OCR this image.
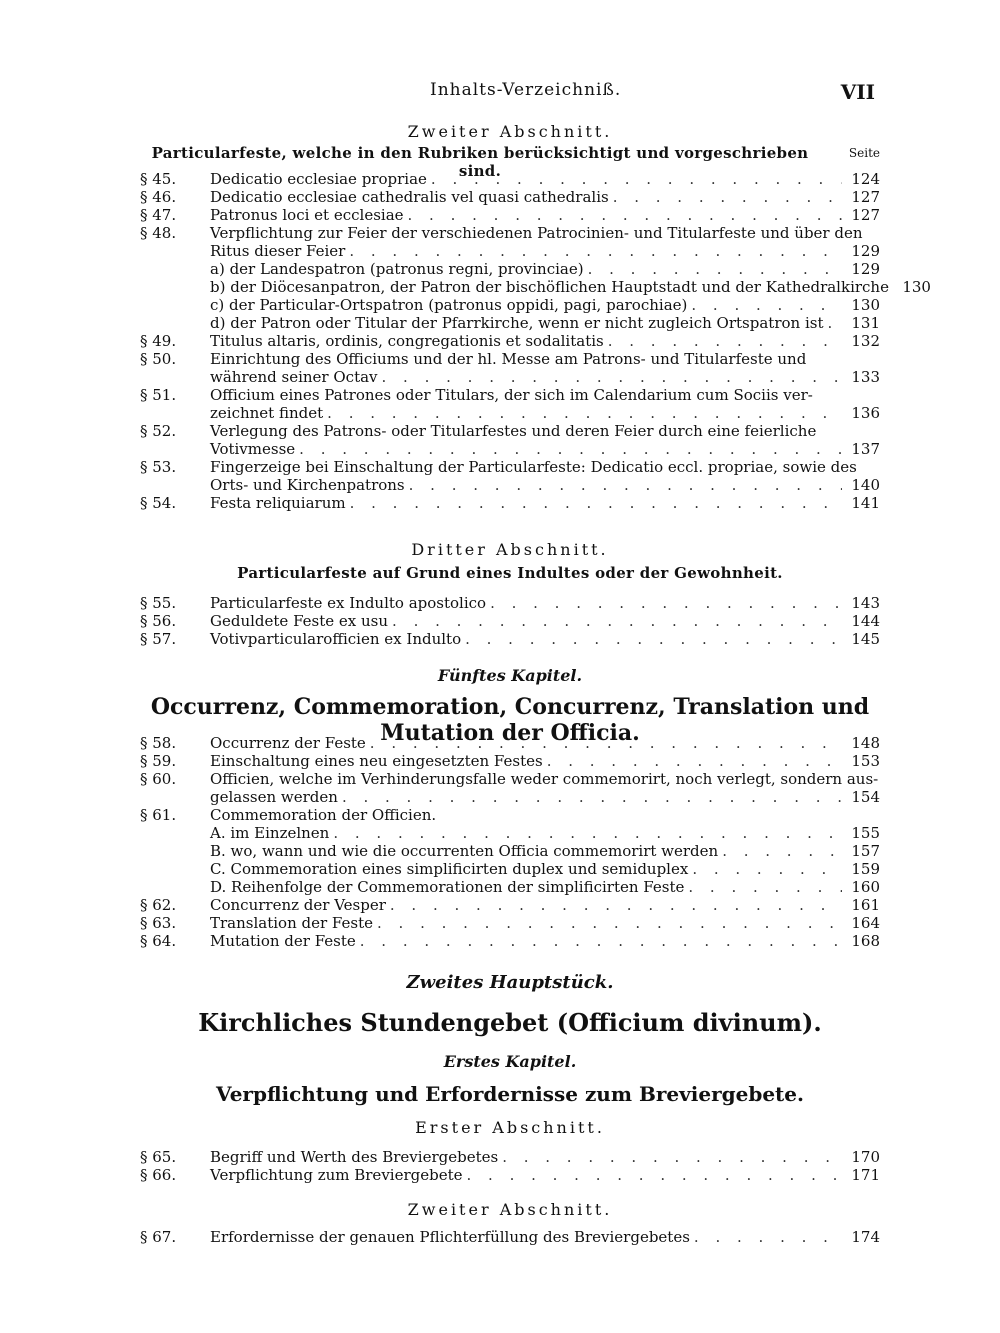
Inhalts-Verzeichniß.	VII
Zweiter Abschnitt.
Particularfeste, welche in den Rubriken berücksichtigt und vorgeschrieben sind.
Seite
§ 45.	Dedicatio ecclesiae propriae . . .	124
§ 46.	Dedicatio ecclesiae cathedralis vel quasi cathedralis . . .	127
§ 47.	Patronus loci et ecclesiae . . .	127
§ 48.	Verpflichtung zur Feier der verschiedenen Patrocinien- und Titularfeste und über den
Ritus dieser Feier . . .	129
a) der Landespatron (patronus regni, provinciae) . . .	129
b) der Diöcesanpatron, der Patron der bischöflichen Hauptstadt und der Kathedralkirche 130
c) der Particular-Ortspatron (patronus oppidi, pagi, parochiae) . . .	130
d) der Patron oder Titular der Pfarrkirche, wenn er nicht zugleich Ortspatron ist . . .	131
§ 49.	Titulus altaris, ordinis, congregationis et sodalitatis . . .	132
§ 50.	Einrichtung des Officiums und der hl. Messe am Patrons- und Titularfeste und
während seiner Octav . . .	133
§ 51.	Officium eines Patrones oder Titulars, der sich im Calendarium cum Sociis ver-
zeichnet findet . . .	136
§ 52.	Verlegung des Patrons- oder Titularfestes und deren Feier durch eine feierliche
Votivmesse . . .	137
§ 53.	Fingerzeige bei Einschaltung der Particularfeste: Dedicatio eccl. propriae, sowie des
Orts- und Kirchenpatrons . . .	140
§ 54.	Festa reliquiarum . . .	141
Dritter Abschnitt.
Particularfeste auf Grund eines Indultes oder der Gewohnheit.
§ 55.	Particularfeste ex Indulto apostolico . . .	143
§ 56.	Geduldete Feste ex usu . . .	144
§ 57.	Votivparticularofficien ex Indulto . . .	145
Fünftes Kapitel.
Occurrenz, Commemoration, Concurrenz, Translation und Mutation der Officia.
§ 58.	Occurrenz der Feste . . .	148
§ 59.	Einschaltung eines neu eingesetzten Festes . . .	153
§ 60.	Officien, welche im Verhinderungsfalle weder commemorirt, noch verlegt, sondern aus-
gelassen werden . . .	154
§ 61.	Commemoration der Officien.
A. im Einzelnen . . .	155
B. wo, wann und wie die occurrenten Officia commemorirt werden . . .	157
C. Commemoration eines simplificirten duplex und semiduplex . . .	159
D. Reihenfolge der Commemorationen der simplificirten Feste . . .	160
§ 62.	Concurrenz der Vesper . . .	161
§ 63.	Translation der Feste . . .	164
§ 64.	Mutation der Feste . . .	168
Zweites Hauptstück.
Kirchliches Stundengebet (Officium divinum).
Erstes Kapitel.
Verpflichtung und Erfordernisse zum Breviergebete.
Erster Abschnitt.
§ 65.	Begriff und Werth des Breviergebetes . . .	170
§ 66.	Verpflichtung zum Breviergebete . . .	171
Zweiter Abschnitt.
§ 67.	Erfordernisse der genauen Pflichterfüllung des Breviergebetes . . .	174
